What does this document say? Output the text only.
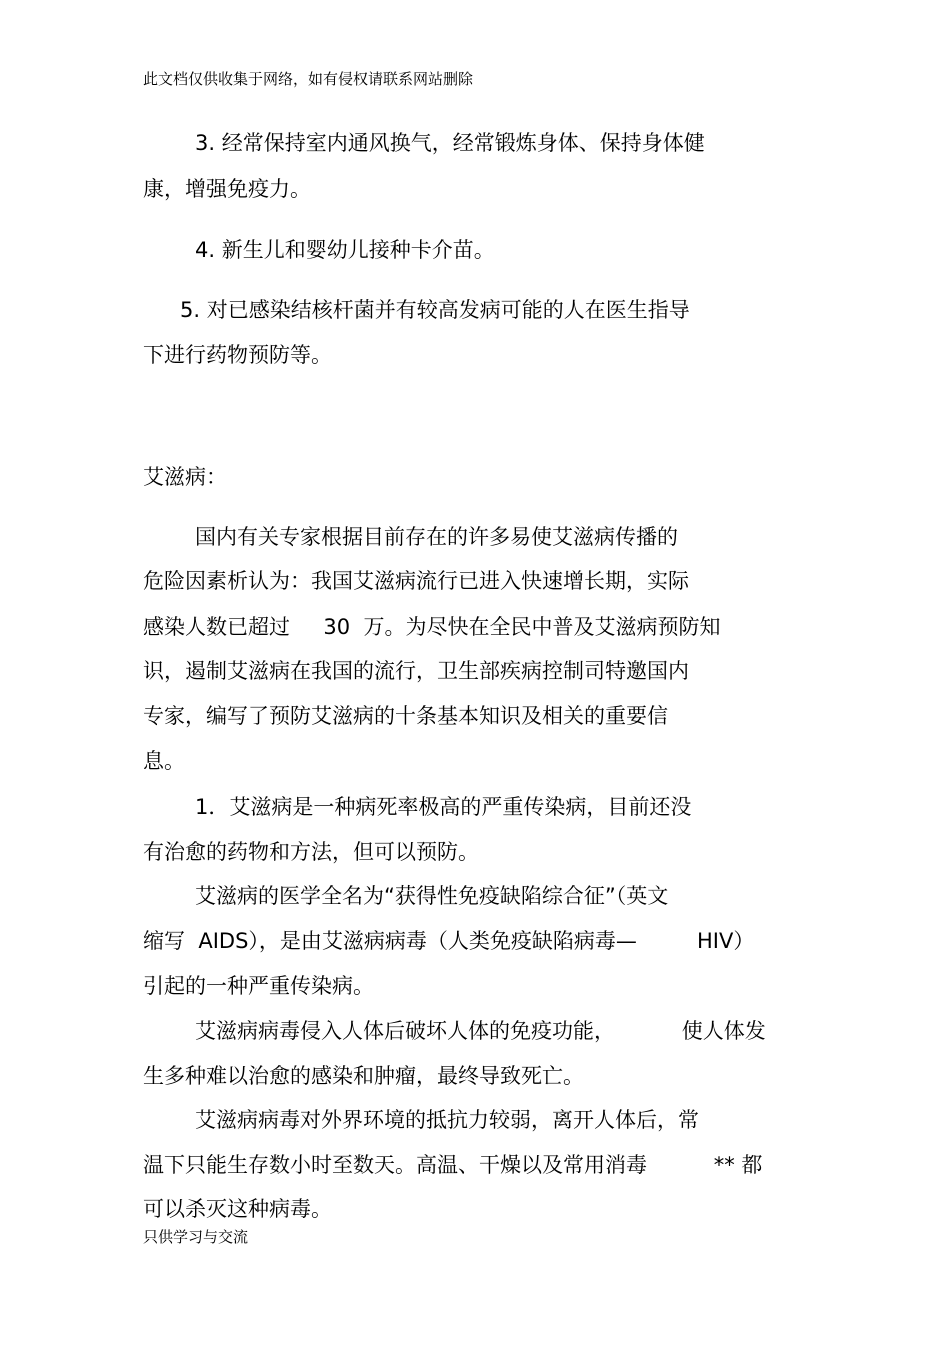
此文档仅供收集于网络，如有侵权请联系网站删除
3. 经常保持室内通风换气，经常锻炼身体、保持身体健
康，增强免疫力。
4. 新生儿和婴幼儿接种卡介苗。
5. 对已感染结核杆菌并有较高发病可能的人在医生指导
下进行药物预防等。
艾滋病：
国内有关专家根据目前存在的许多易使艾滋病传播的
危险因素析认为：我国艾滋病流行已进入快速增长期，实际
感染人数已超过     30  万。为尽快在全民中普及艾滋病预防知
识，遏制艾滋病在我国的流行，卫生部疾病控制司特邀国内
专家，编写了预防艾滋病的十条基本知识及相关的重要信
息。
1．艾滋病是一种病死率极高的严重传染病，目前还没
有治愈的药物和方法，但可以预防。
艾滋病的医学全名为“获得性免疫缺陷综合征”（英文
缩写  AIDS），是由艾滋病病毒（人类免疫缺陷病毒—         HIV）
引起的一种严重传染病。
艾滋病病毒侵入人体后破坏人体的免疫功能，          使人体发
生多种难以治愈的感染和肿瘤，最终导致死亡。
艾滋病病毒对外界环境的抵抗力较弱，离开人体后，常
温下只能生存数小时至数天。高温、干燥以及常用消毒          ** 都
可以杀灭这种病毒。
只供学习与交流
